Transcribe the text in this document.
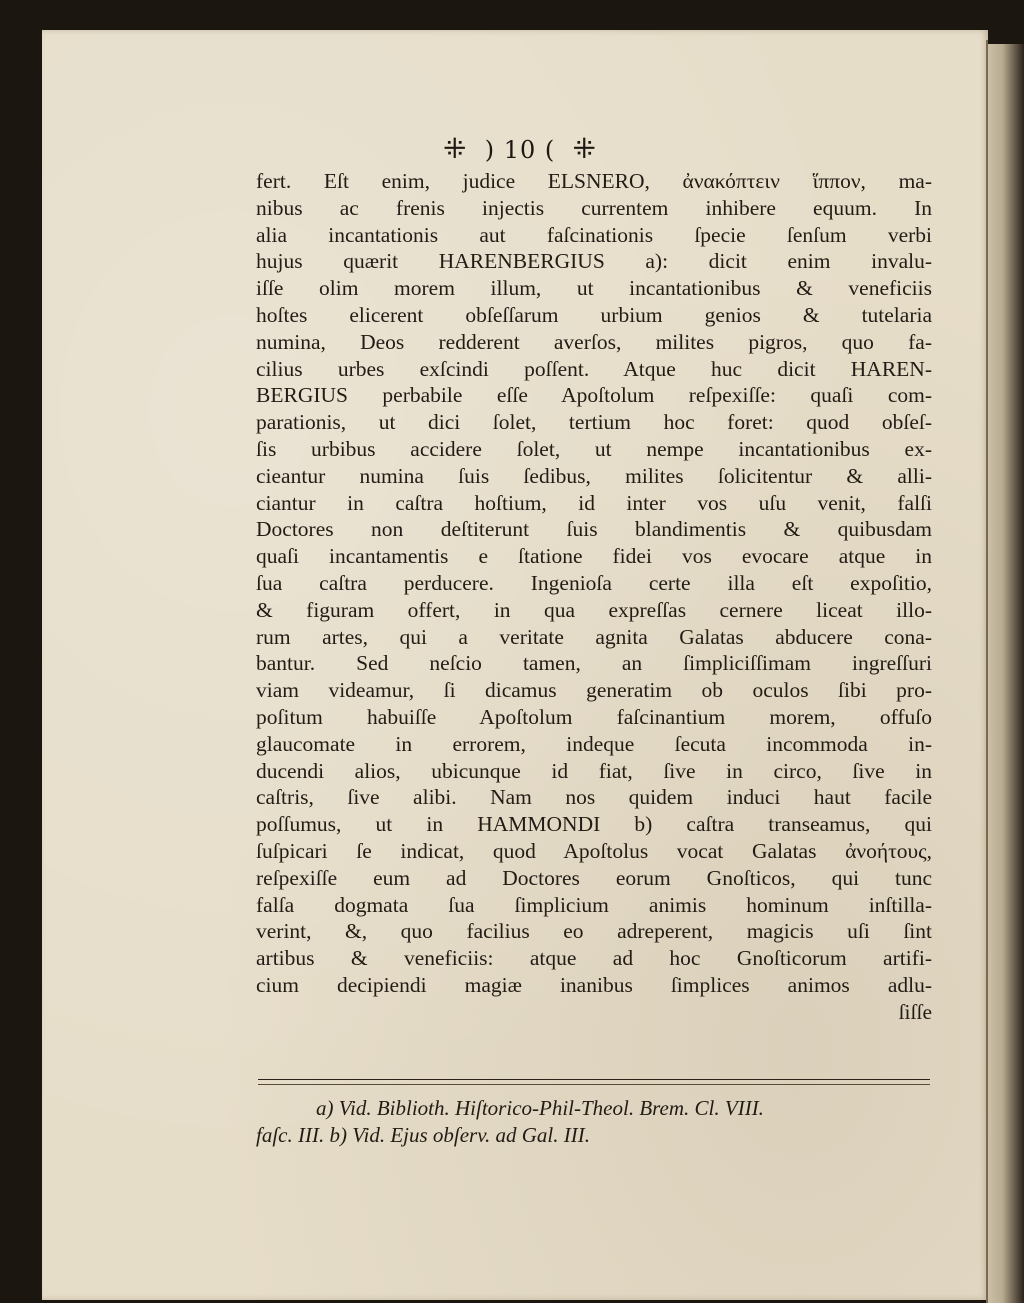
⁜ ) 10 ( ⁜
fert. Eſt enim, judice ELSNERO, ἀνακόπτειν ἵππον, ma-
nibus ac frenis injectis currentem inhibere equum. In
alia incantationis aut faſcinationis ſpecie ſenſum verbi
hujus quærit HARENBERGIUS a): dicit enim invalu-
iſſe olim morem illum, ut incantationibus & veneficiis
hoſtes elicerent obſeſſarum urbium genios & tutelaria
numina, Deos redderent averſos, milites pigros, quo fa-
cilius urbes exſcindi poſſent. Atque huc dicit HAREN-
BERGIUS perbabile eſſe Apoſtolum reſpexiſſe: quaſi com-
parationis, ut dici ſolet, tertium hoc foret: quod obſeſ-
ſis urbibus accidere ſolet, ut nempe incantationibus ex-
cieantur numina ſuis ſedibus, milites ſolicitentur & alli-
ciantur in caſtra hoſtium, id inter vos uſu venit, falſi
Doctores non deſtiterunt ſuis blandimentis & quibusdam
quaſi incantamentis e ſtatione fidei vos evocare atque in
ſua caſtra perducere. Ingenioſa certe illa eſt expoſitio,
& figuram offert, in qua expreſſas cernere liceat illo-
rum artes, qui a veritate agnita Galatas abducere cona-
bantur. Sed neſcio tamen, an ſimpliciſſimam ingreſſuri
viam videamur, ſi dicamus generatim ob oculos ſibi pro-
poſitum habuiſſe Apoſtolum faſcinantium morem, offuſo
glaucomate in errorem, indeque ſecuta incommoda in-
ducendi alios, ubicunque id fiat, ſive in circo, ſive in
caſtris, ſive alibi. Nam nos quidem induci haut facile
poſſumus, ut in HAMMONDI b) caſtra transeamus, qui
ſuſpicari ſe indicat, quod Apoſtolus vocat Galatas ἀνοήτους,
reſpexiſſe eum ad Doctores eorum Gnoſticos, qui tunc
falſa dogmata ſua ſimplicium animis hominum inſtilla-
verint, &, quo facilius eo adreperent, magicis uſi ſint
artibus & veneficiis: atque ad hoc Gnoſticorum artifi-
cium decipiendi magiæ inanibus ſimplices animos adlu-
ſiſſe
a) Vid. Biblioth. Hiſtorico-Phil-Theol. Brem. Cl. VIII.
faſc. III. b) Vid. Ejus obſerv. ad Gal. III.
